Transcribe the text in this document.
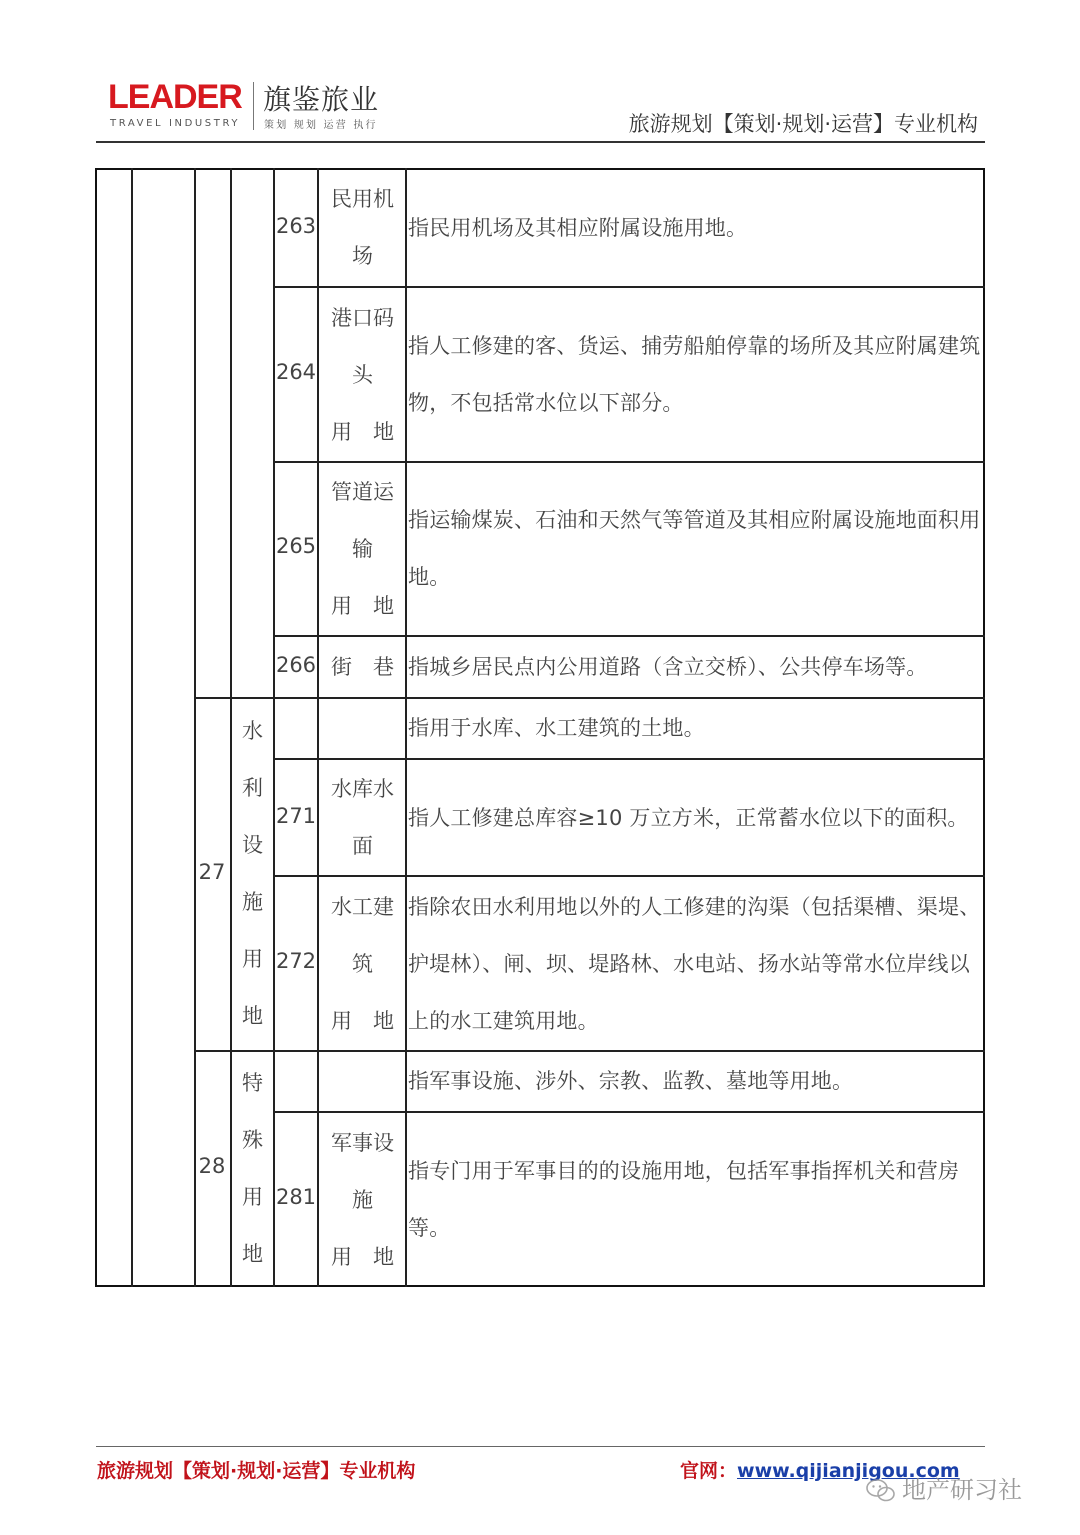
LEADER
TRAVEL INDUSTRY
旗鉴旅业
策划 规划 运营 执行	旅游规划【策划·规划·运营】专业机构
263
民用机
场
指民用机场及其相应附属设施用地。
264
港口码
头
用　地
指人工修建的客、货运、捕劳船舶停靠的场所及其应附属建筑物，不包括常水位以下部分。
265
管道运
输
用　地
指运输煤炭、石油和天然气等管道及其相应附属设施地面积用地。
266 街　巷 指城乡居民点内公用道路（含立交桥）、公共停车场等。
27
水
利
设
施
用
地
指用于水库、水工建筑的土地。
271
水库水
面
指人工修建总库容≥10 万立方米，正常蓄水位以下的面积。
272
水工建
筑
用　地
指除农田水利用地以外的人工修建的沟渠（包括渠槽、渠堤、护堤林）、闸、坝、堤路林、水电站、扬水站等常水位岸线以上的水工建筑用地。
28
特
殊
用
地
指军事设施、涉外、宗教、监教、墓地等用地。
281
军事设
施
用　地
指专门用于军事目的的设施用地，包括军事指挥机关和营房等。
旅游规划【策划·规划·运营】专业机构	官网：www.qijianjigou.com
地产研习社
